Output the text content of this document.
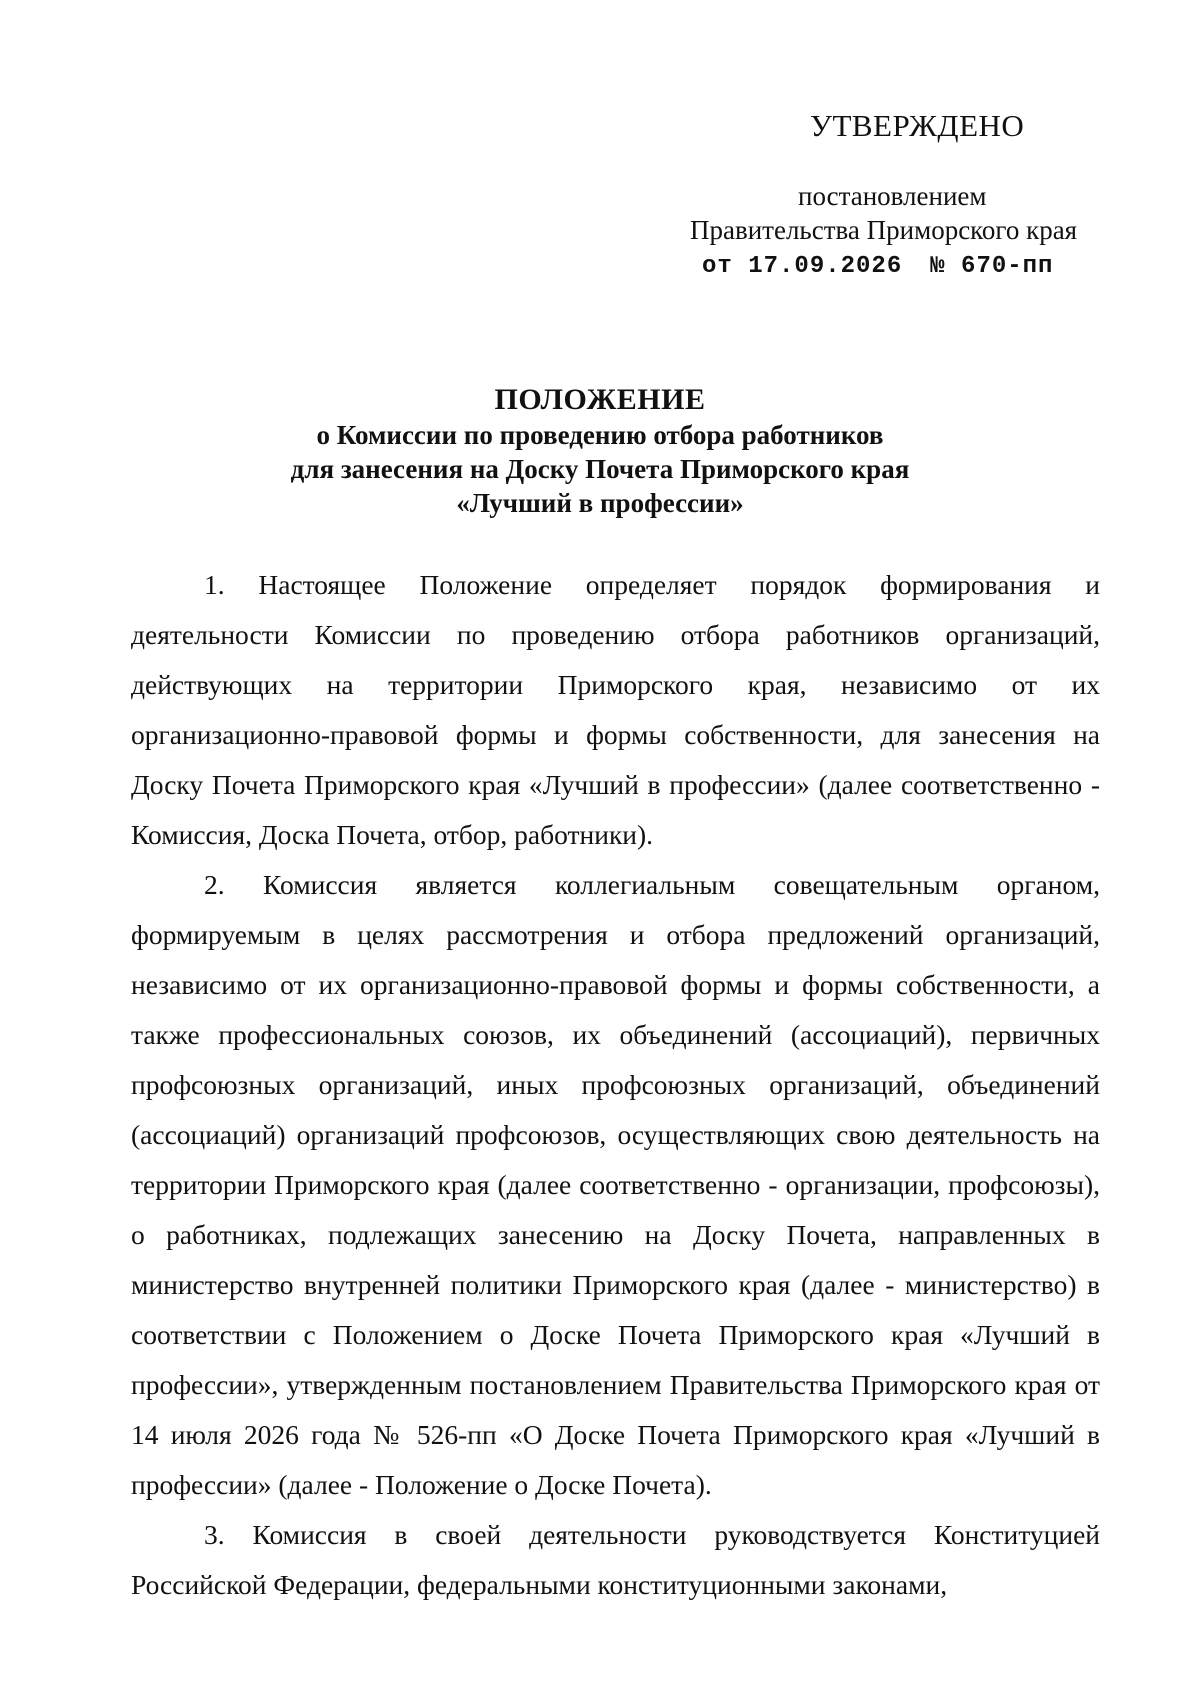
УТВЕРЖДЕНО
постановлением
Правительства Приморского края
от 17.09.2026 № 670-пп
ПОЛОЖЕНИЕ
о Комиссии по проведению отбора работников
для занесения на Доску Почета Приморского края
«Лучший в профессии»

1. Настоящее Положение определяет порядок формирования и деятельности Комиссии по проведению отбора работников организаций, действующих на территории Приморского края, независимо от их организационно-правовой формы и формы собственности, для занесения на Доску Почета Приморского края «Лучший в профессии» (далее соответственно - Комиссия, Доска Почета, отбор, работники).

2. Комиссия является коллегиальным совещательным органом, формируемым в целях рассмотрения и отбора предложений организаций, независимо от их организационно-правовой формы и формы собственности, а также профессиональных союзов, их объединений (ассоциаций), первичных профсоюзных организаций, иных профсоюзных организаций, объединений (ассоциаций) организаций профсоюзов, осуществляющих свою деятельность на территории Приморского края (далее соответственно - организации, профсоюзы), о работниках, подлежащих занесению на Доску Почета, направленных в министерство внутренней политики Приморского края (далее - министерство) в соответствии с Положением о Доске Почета Приморского края «Лучший в профессии», утвержденным постановлением Правительства Приморского края от 14 июля 2026 года № 526-пп «О Доске Почета Приморского края «Лучший в профессии» (далее - Положение о Доске Почета).

3. Комиссия в своей деятельности руководствуется Конституцией Российской Федерации, федеральными конституционными законами,
